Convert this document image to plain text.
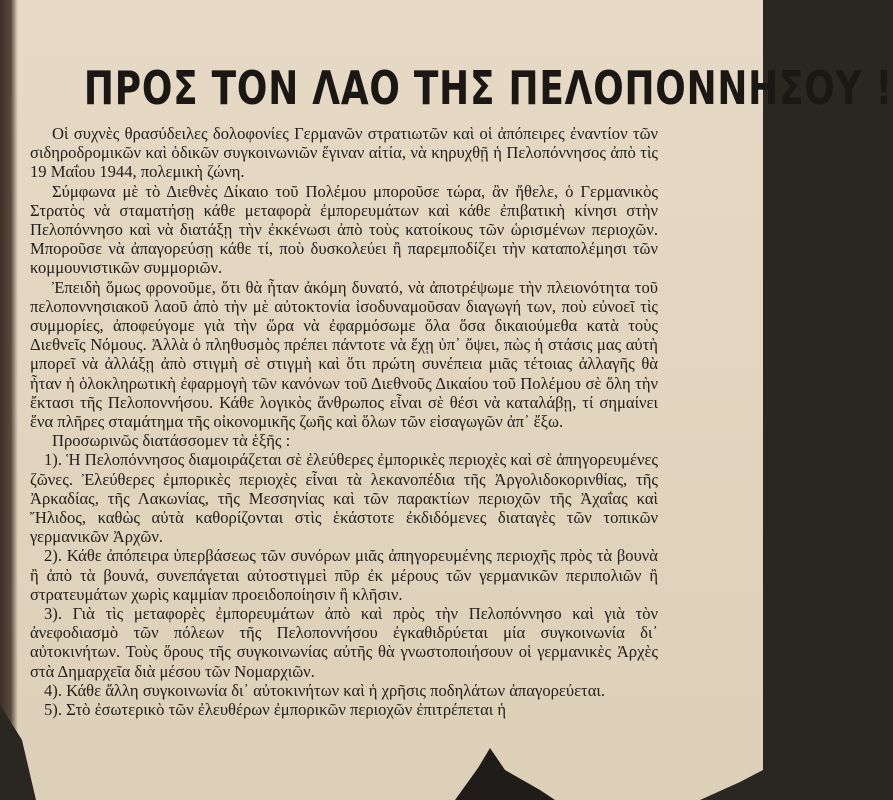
ΠΡΟΣ ΤΟΝ ΛΑΟ ΤΗΣ ΠΕΛΟΠΟΝΝΗΣΟΥ !

Οἱ συχνὲς θρασύδειλες δολοφονίες Γερμανῶν στρατιωτῶν καὶ οἱ ἀπόπειρες ἐναντίον τῶν σιδηροδρομικῶν καὶ ὁδικῶν συγκοινωνιῶν ἔγιναν αἰτία, νὰ κηρυχθῇ ἡ Πελοπόννησος ἀπὸ τὶς 19 Μαΐου 1944, πολεμικὴ ζώνη.

Σύμφωνα μὲ τὸ Διεθνὲς Δίκαιο τοῦ Πολέμου μποροῦσε τώρα, ἂν ἤθελε, ὁ Γερμανικὸς Στρατὸς νὰ σταματήσῃ κάθε μεταφορὰ ἐμπορευμάτων καὶ κάθε ἐπιβατικὴ κίνησι στὴν Πελοπόννησο καὶ νὰ διατάξῃ τὴν ἐκκένωσι ἀπὸ τοὺς κατοίκους τῶν ὡρισμένων περιοχῶν. Μποροῦσε νὰ ἀπαγορεύσῃ κάθε τί, ποὺ δυσκολεύει ἢ παρεμποδίζει τὴν καταπολέμησι τῶν κομμουνιστικῶν συμμοριῶν.

Ἐπειδὴ ὅμως φρονοῦμε, ὅτι θὰ ἦταν ἀκόμη δυνατό, νὰ ἀποτρέψωμε τὴν πλειονότητα τοῦ πελοποννησιακοῦ λαοῦ ἀπὸ τὴν μὲ αὐτοκτονία ἰσοδυναμοῦσαν διαγωγή των, ποὺ εὐνοεῖ τὶς συμμορίες, ἀποφεύγομε γιὰ τὴν ὥρα νὰ ἐφαρμόσωμε ὅλα ὅσα δικαιούμεθα κατὰ τοὺς Διεθνεῖς Νόμους. Ἀλλὰ ὁ πληθυσμὸς πρέπει πάντοτε νὰ ἔχῃ ὑπ᾽ ὄψει, πὼς ἡ στάσις μας αὐτὴ μπορεῖ νὰ ἀλλάξῃ ἀπὸ στιγμὴ σὲ στιγμὴ καὶ ὅτι πρώτη συνέπεια μιᾶς τέτοιας ἀλλαγῆς θὰ ἦταν ἡ ὁλοκληρωτικὴ ἐφαρμογὴ τῶν κανόνων τοῦ Διεθνοῦς Δικαίου τοῦ Πολέμου σὲ ὅλη τὴν ἔκτασι τῆς Πελοποννήσου. Κάθε λογικὸς ἄνθρωπος εἶναι σὲ θέσι νὰ καταλάβῃ, τί σημαίνει ἕνα πλῆρες σταμάτημα τῆς οἰκονομικῆς ζωῆς καὶ ὅλων τῶν εἰσαγωγῶν ἀπ᾽ ἔξω.

Προσωρινῶς διατάσσομεν τὰ ἑξῆς :

1). Ἡ Πελοπόννησος διαμοιράζεται σὲ ἐλεύθερες ἐμπορικὲς περιοχὲς καὶ σὲ ἀπηγορευμένες ζῶνες. Ἐλεύθερες ἐμπορικὲς περιοχὲς εἶναι τὰ λεκανοπέδια τῆς Ἀργολιδοκορινθίας, τῆς Ἀρκαδίας, τῆς Λακωνίας, τῆς Μεσσηνίας καὶ τῶν παρακτίων περιοχῶν τῆς Ἀχαΐας καὶ Ἤλιδος, καθὼς αὐτὰ καθορίζονται στὶς ἑκάστοτε ἐκδιδόμενες διαταγὲς τῶν τοπικῶν γερμανικῶν Ἀρχῶν.

2). Κάθε ἀπόπειρα ὑπερβάσεως τῶν συνόρων μιᾶς ἀπηγορευμένης περιοχῆς πρὸς τὰ βουνὰ ἢ ἀπὸ τὰ βουνά, συνεπάγεται αὐτοστιγμεὶ πῦρ ἐκ μέρους τῶν γερμανικῶν περιπολιῶν ἢ στρατευμάτων χωρὶς καμμίαν προειδοποίησιν ἢ κλῆσιν.

3). Γιὰ τὶς μεταφορὲς ἐμπορευμάτων ἀπὸ καὶ πρὸς τὴν Πελοπόννησο καὶ γιὰ τὸν ἀνεφοδιασμὸ τῶν πόλεων τῆς Πελοποννήσου ἐγκαθιδρύεται μία συγκοινωνία δι᾽ αὐτοκινήτων. Τοὺς ὅρους τῆς συγκοινωνίας αὐτῆς θὰ γνωστοποιήσουν οἱ γερμανικὲς Ἀρχὲς στὰ Δημαρχεῖα διὰ μέσου τῶν Νομαρχιῶν.

4). Κάθε ἄλλη συγκοινωνία δι᾽ αὐτοκινήτων καὶ ἡ χρῆσις ποδηλάτων ἀπαγορεύεται.

5). Στὸ ἐσωτερικὸ τῶν ἐλευθέρων ἐμπορικῶν περιοχῶν ἐπιτρέπεται ἡ
